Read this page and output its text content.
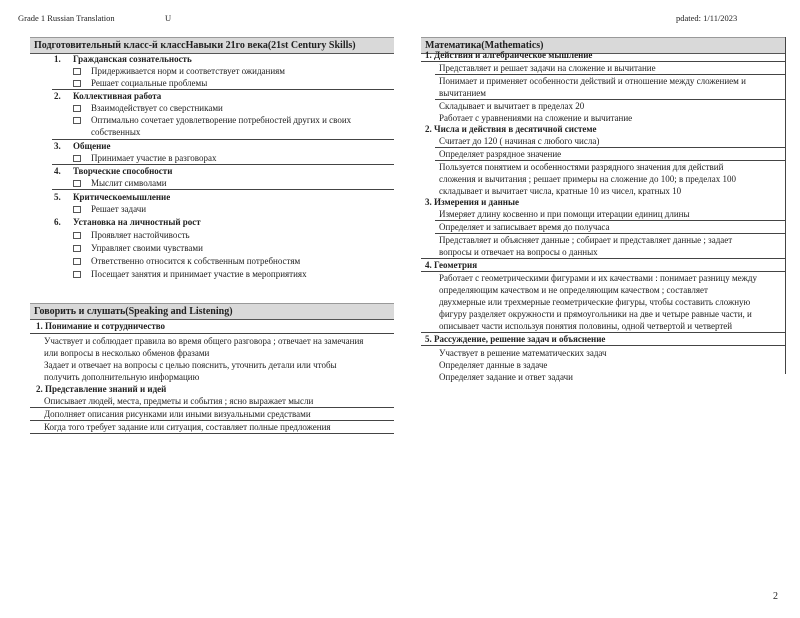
Grade 1 Russian Translation	U	pdated: 1/11/2023
Подготовительный класс-й классНавыки 21го века(21st Century Skills)
1. Гражданская сознательность
Придерживается норм и соответствует ожиданиям
Решает социальные проблемы
2. Коллективная работа
Взаимодействует со сверстниками
Оптимально сочетает удовлетворение потребностей других и своих
собственных
3. Общение
Принимает участие в разговорах
4. Творческие способности
Мыслит символами
5. Критическоемышление
Решает задачи
6. Установка на личностный рост
Проявляет настойчивость
Управляет своими чувствами
Ответственно относится к собственным потребностям
Посещает занятия и принимает участие в мероприятиях
Говорить и слушать(Speaking and Listening)
1. Понимание и сотрудничество
Участвует и соблюдает правила во время общего разговора ; отвечает на замечания
или вопросы в несколько обменов фразами
Задает и отвечает на вопросы с целью пояснить, уточнить детали или чтобы
получить дополнительную информацию
2. Представление знаний и идей
Описывает людей, места, предметы и события ; ясно выражает мысли
Дополняет описания рисунками или иными визуальными средствами
Когда того требует задание или ситуация, составляет полные предложения
Математика(Mathematics)
1. Действия и алгебраическое мышление
Представляет и решает задачи на сложение и вычитание
Понимает и применяет особенности действий и отношение между сложением и
вычитанием
Складывает и вычитает в пределах 20
Работает с уравнениями на сложение и вычитание
2. Числа и действия в десятичной системе
Считает до 120 ( начиная с любого числа)
Определяет разрядное значение
Пользуется понятием и особенностями разрядного значения для действий
сложения и вычитания ; решает примеры на сложение до 100; в пределах 100
складывает и вычитает числа, кратные 10 из чисел, кратных 10
3. Измерения и данные
Измеряет длину косвенно и при помощи итерации единиц длины
Определяет и записывает время до получаса
Представляет и объясняет данные ; собирает и представляет данные ; задает
вопросы и отвечает на вопросы о данных
4. Геометрия
Работает с геометрическими фигурами и их качествами : понимает разницу между
определяющим качеством и не определяющим качеством ; составляет
двухмерные или трехмерные геометрические фигуры, чтобы составить сложную
фигуру разделяет окружности и прямоугольники на две и четыре равные части, и
описывает части используя понятия половины, одной четвертой и четвертей
5. Рассуждение, решение задач и объяснение
Участвует в решение математических задач
Определяет данные в задаче
Определяет задание и ответ задачи
2
